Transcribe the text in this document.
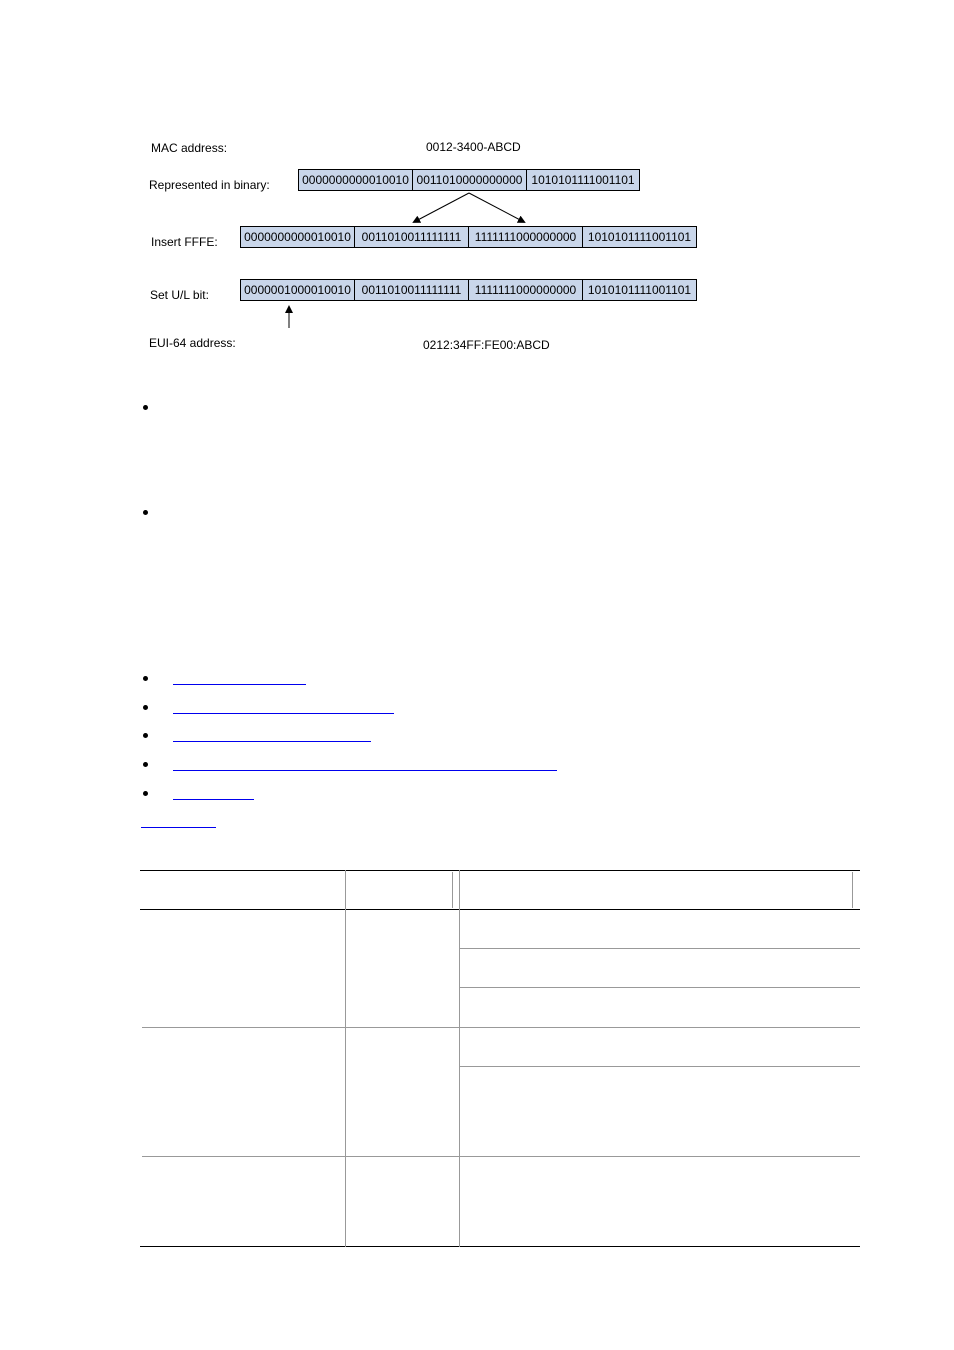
MAC address:	0012-3400-ABCD
Represented in binary:	0000000000010010 0011010000000000 1010101111001101
Insert FFFE: 0000000000010010 0011010011111111	1111111000000000 1010101111001101
Set U/L bit:	0000001000010010 0011010011111111	1111111000000000 1010101111001101
EUI-64 address:	0212:34FF:FE00:ABCD
